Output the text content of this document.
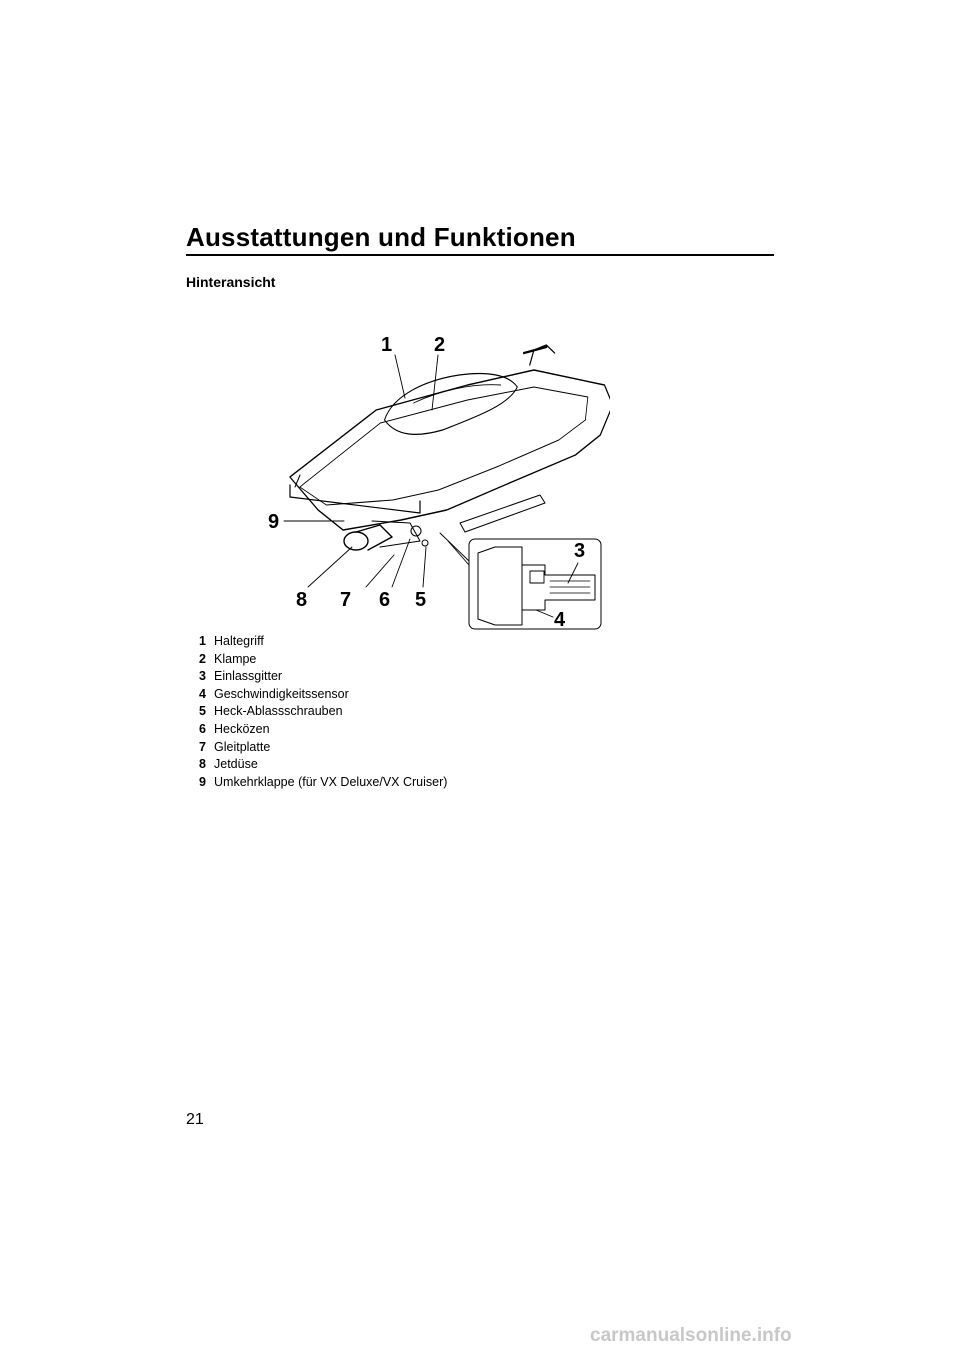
Ausstattungen und Funktionen
Hinteransicht
1 2
3
4
5
6
7
8
9
1 Haltegriff
2 Klampe
3 Einlassgitter
4 Geschwindigkeitssensor
5 Heck-Ablassschrauben
6 Hecközen
7 Gleitplatte
8 Jetdüse
9 Umkehrklappe (für VX Deluxe/VX Cruiser)
21
carmanualsonline.info
